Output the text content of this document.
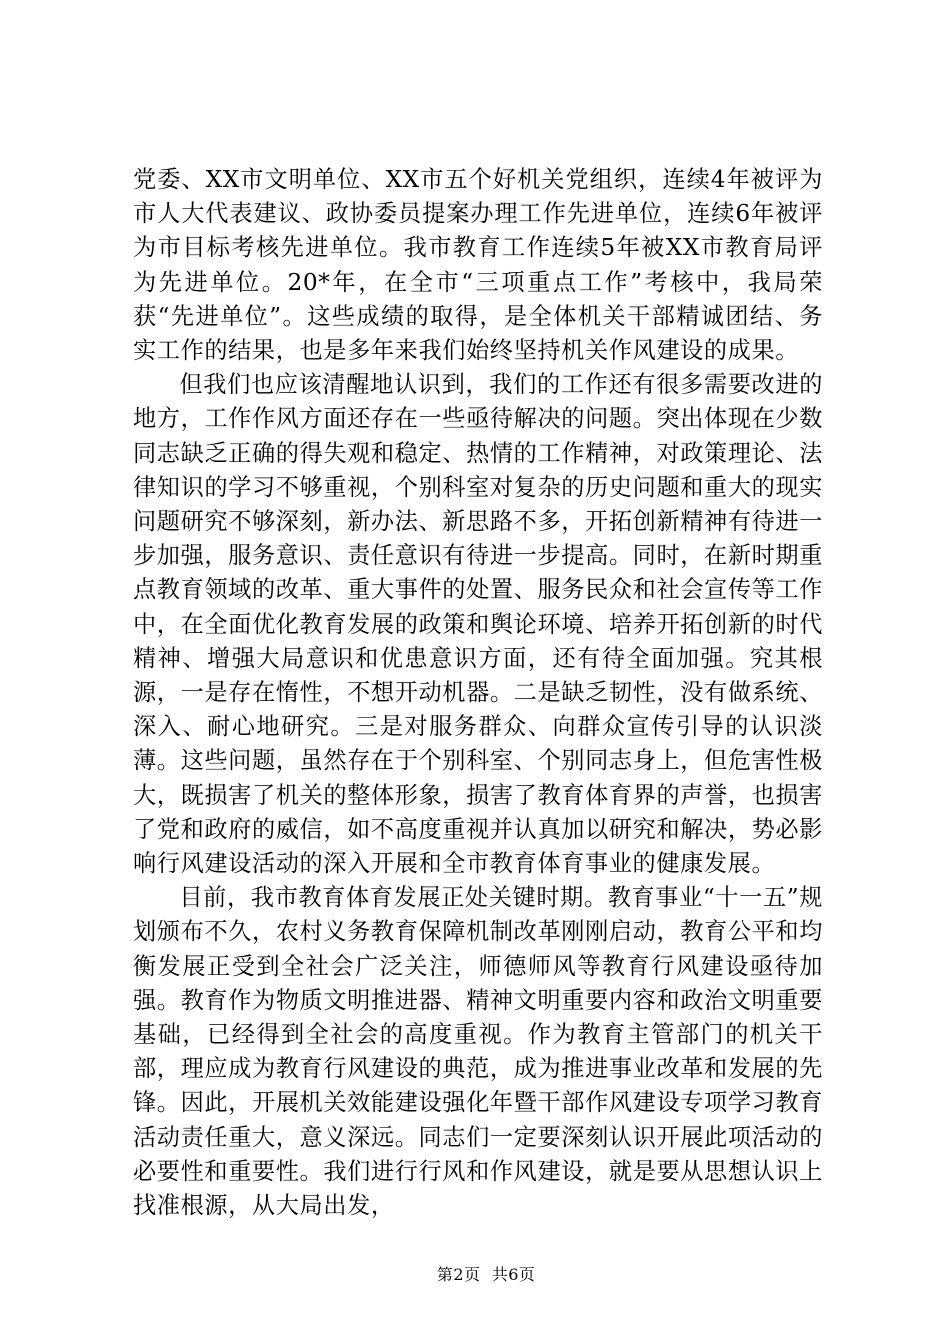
党委、XX市文明单位、XX市五个好机关党组织，连续4年被评为市人大代表建议、政协委员提案办理工作先进单位，连续6年被评为市目标考核先进单位。我市教育工作连续5年被XX市教育局评为先进单位。20*年，在全市“三项重点工作”考核中，我局荣获“先进单位”。这些成绩的取得，是全体机关干部精诚团结、务实工作的结果，也是多年来我们始终坚持机关作风建设的成果。

但我们也应该清醒地认识到，我们的工作还有很多需要改进的地方，工作作风方面还存在一些亟待解决的问题。突出体现在少数同志缺乏正确的得失观和稳定、热情的工作精神，对政策理论、法律知识的学习不够重视，个别科室对复杂的历史问题和重大的现实问题研究不够深刻，新办法、新思路不多，开拓创新精神有待进一步加强，服务意识、责任意识有待进一步提高。同时，在新时期重点教育领域的改革、重大事件的处置、服务民众和社会宣传等工作中，在全面优化教育发展的政策和舆论环境、培养开拓创新的时代精神、增强大局意识和优患意识方面，还有待全面加强。究其根源，一是存在惰性，不想开动机器。二是缺乏韧性，没有做系统、深入、耐心地研究。三是对服务群众、向群众宣传引导的认识淡薄。这些问题，虽然存在于个别科室、个别同志身上，但危害性极大，既损害了机关的整体形象，损害了教育体育界的声誉，也损害了党和政府的威信，如不高度重视并认真加以研究和解决，势必影响行风建设活动的深入开展和全市教育体育事业的健康发展。

目前，我市教育体育发展正处关键时期。教育事业“十一五”规划颁布不久，农村义务教育保障机制改革刚刚启动，教育公平和均衡发展正受到全社会广泛关注，师德师风等教育行风建设亟待加强。教育作为物质文明推进器、精神文明重要内容和政治文明重要基础，已经得到全社会的高度重视。作为教育主管部门的机关干部，理应成为教育行风建设的典范，成为推进事业改革和发展的先锋。因此，开展机关效能建设强化年暨干部作风建设专项学习教育活动责任重大，意义深远。同志们一定要深刻认识开展此项活动的必要性和重要性。我们进行行风和作风建设，就是要从思想认识上找准根源，从大局出发，

第2页  共6页
